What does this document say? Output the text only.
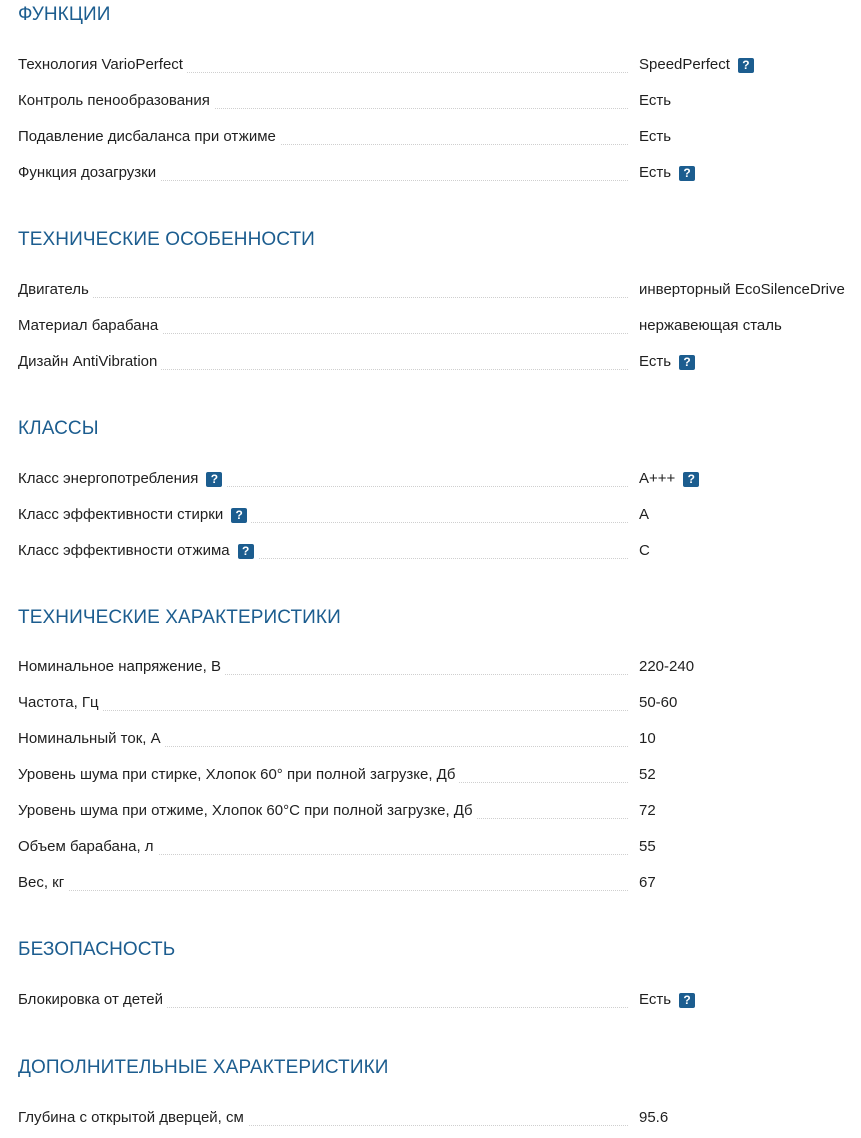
ФУНКЦИИ
Технология VarioPerfect	SpeedPerfect	?
Контроль пенообразования	Есть
Подавление дисбаланса при отжиме	Есть
Функция дозагрузки	Есть	?
ТЕХНИЧЕСКИЕ ОСОБЕННОСТИ
Двигатель	инверторный EcoSilenceDrive
Материал барабана	нержавеющая сталь
Дизайн AntiVibration	Есть	?
КЛАССЫ
Класс энергопотребления	?	A+++	?
Класс эффективности стирки	?	A
Класс эффективности отжима	?	C
ТЕХНИЧЕСКИЕ ХАРАКТЕРИСТИКИ
Номинальное напряжение, В	220-240
Частота, Гц	50-60
Номинальный ток, А	10
Уровень шума при стирке, Хлопок 60° при полной загрузке, Дб	52
Уровень шума при отжиме, Хлопок 60°C при полной загрузке, Дб	72
Объем барабана, л	55
Вес, кг	67
БЕЗОПАСНОСТЬ
Блокировка от детей	Есть	?
ДОПОЛНИТЕЛЬНЫЕ ХАРАКТЕРИСТИКИ
Глубина с открытой дверцей, см	95.6
